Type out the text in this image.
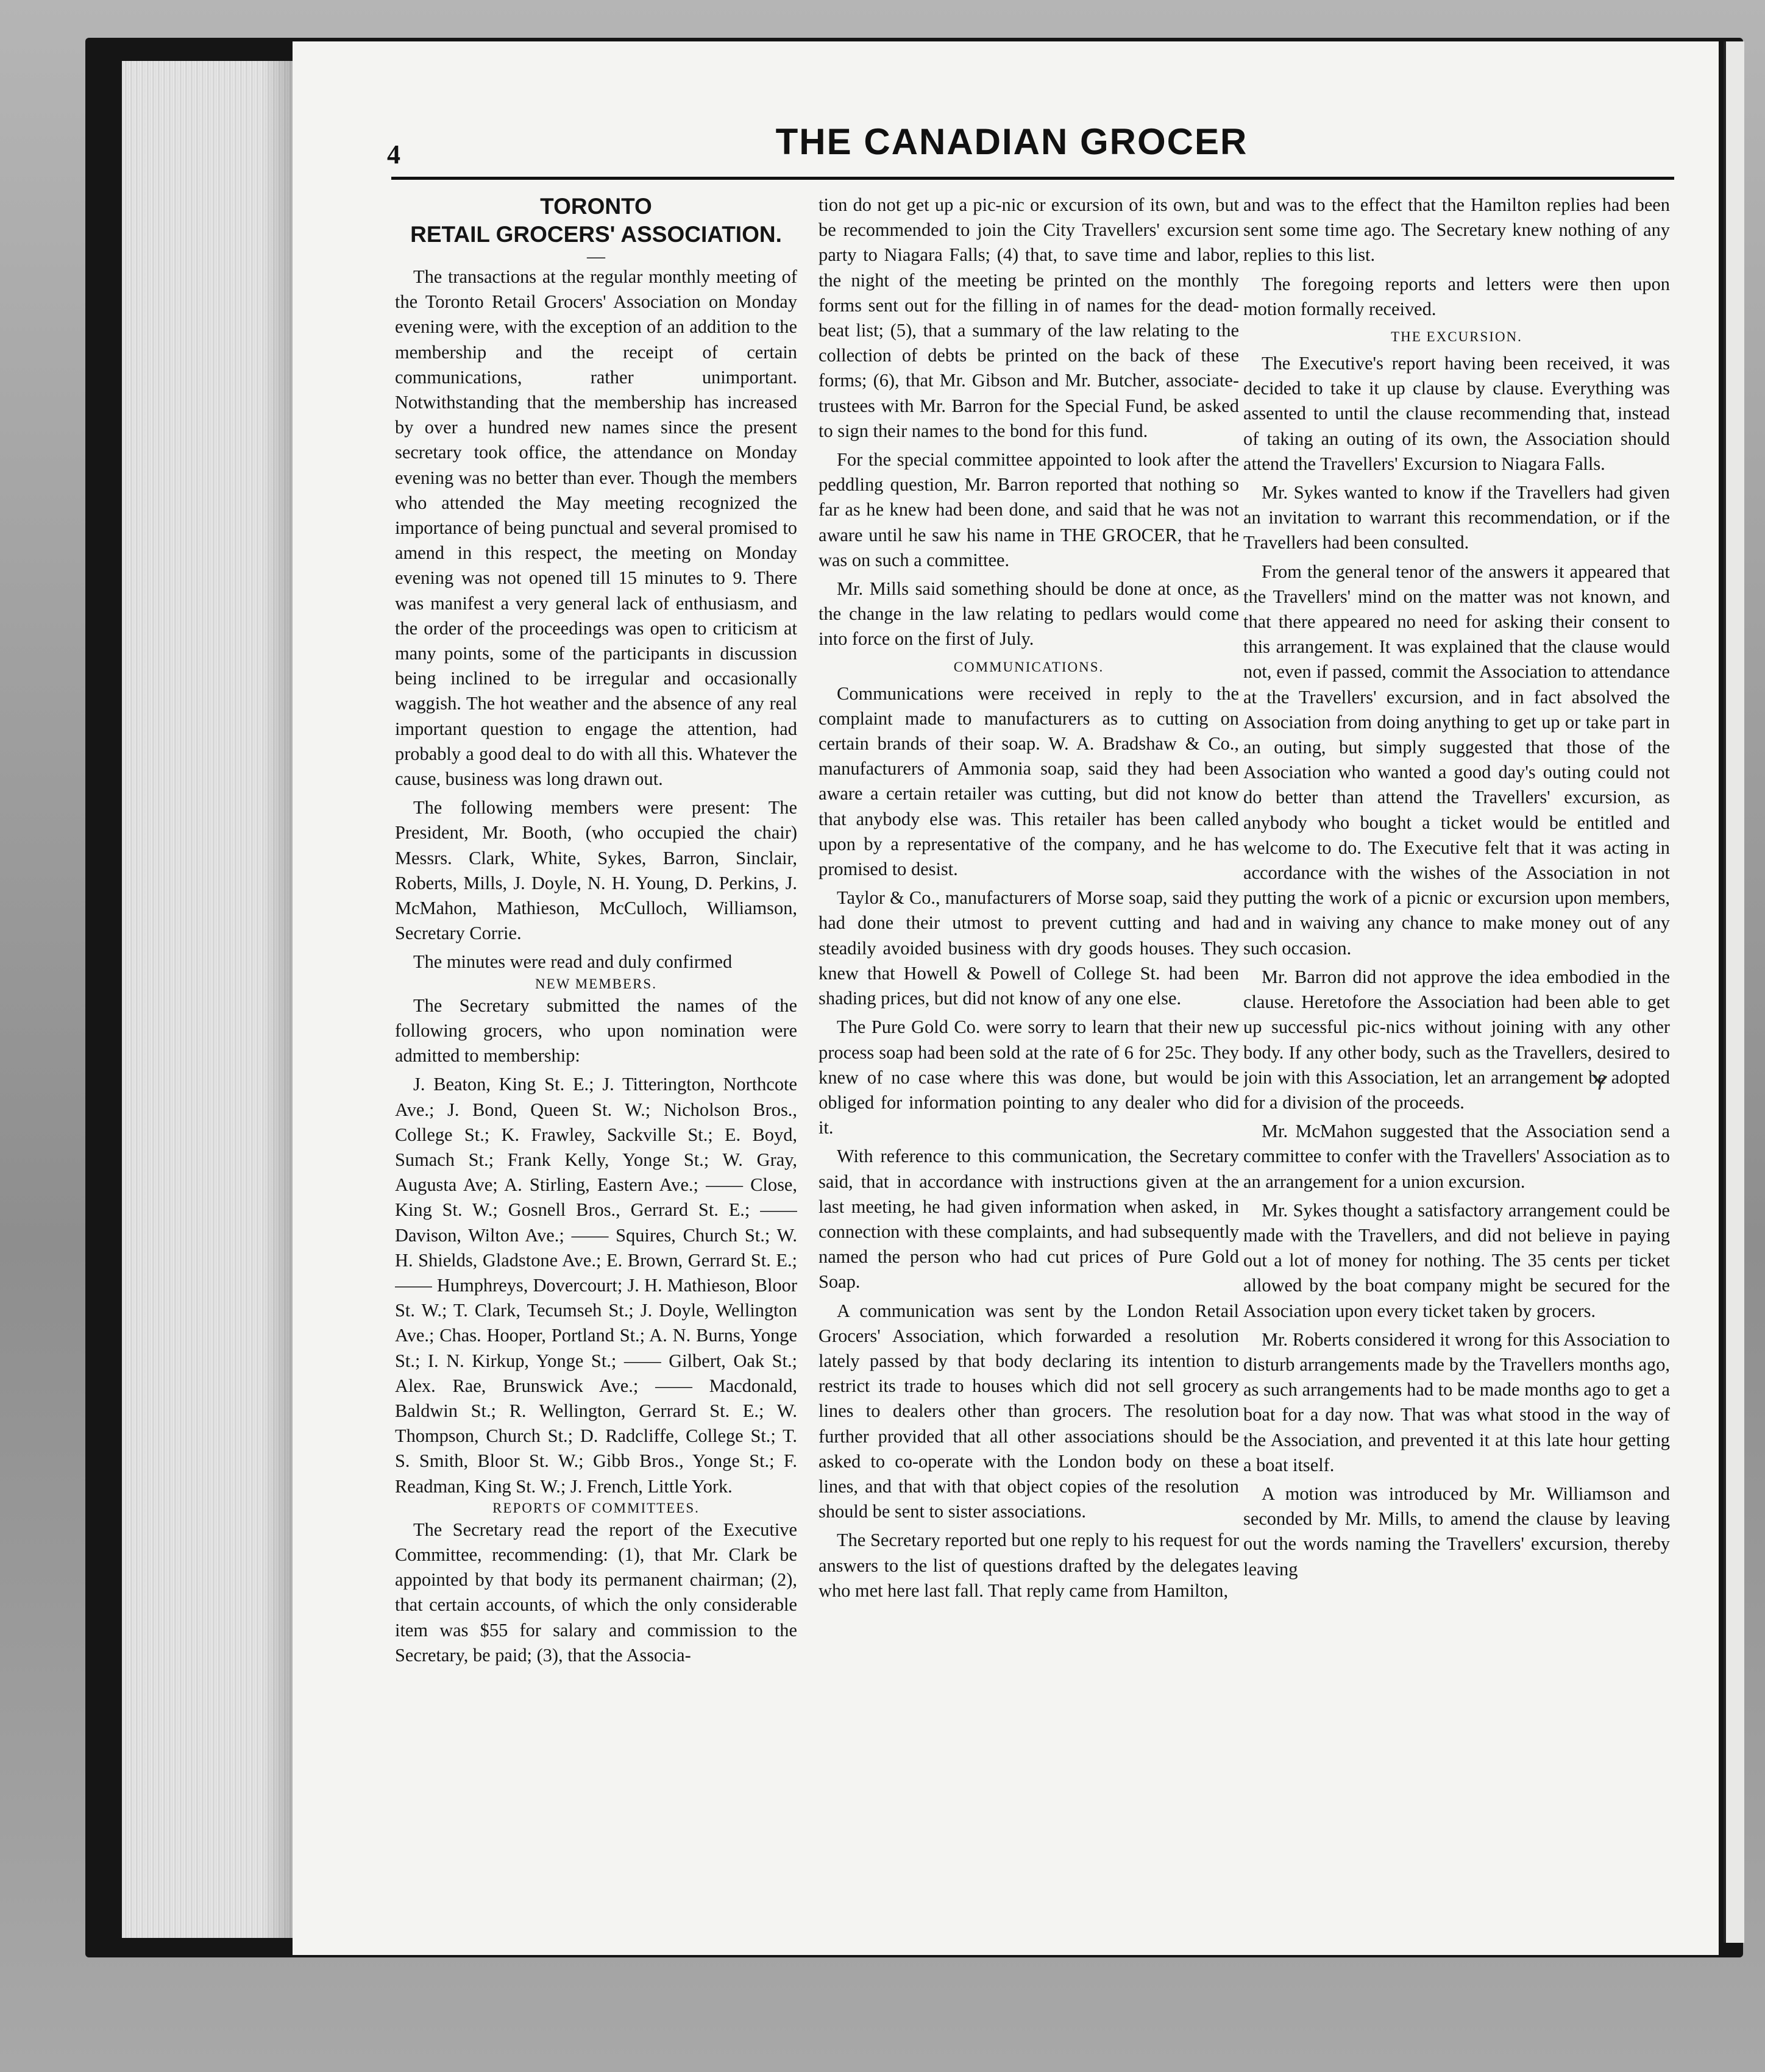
4	THE CANADIAN GROCER
TORONTO
RETAIL GROCERS' ASSOCIATION.
—

The transactions at the regular monthly meeting of the Toronto Retail Grocers' Association on Monday evening were, with the exception of an addition to the membership and the receipt of certain communications, rather unimportant. Notwithstanding that the membership has increased by over a hundred new names since the present secretary took office, the attendance on Monday evening was no better than ever. Though the members who attended the May meeting recognized the importance of being punctual and several promised to amend in this respect, the meeting on Monday evening was not opened till 15 minutes to 9. There was manifest a very general lack of enthusiasm, and the order of the proceedings was open to criticism at many points, some of the participants in discussion being inclined to be irregular and occasionally waggish. The hot weather and the absence of any real important question to engage the attention, had probably a good deal to do with all this. Whatever the cause, business was long drawn out.

The following members were present: The President, Mr. Booth, (who occupied the chair) Messrs. Clark, White, Sykes, Barron, Sinclair, Roberts, Mills, J. Doyle, N. H. Young, D. Perkins, J. McMahon, Mathieson, McCulloch, Williamson, Secretary Corrie.

The minutes were read and duly confirmed

NEW MEMBERS.

The Secretary submitted the names of the following grocers, who upon nomination were admitted to membership:

J. Beaton, King St. E.; J. Titterington, Northcote Ave.; J. Bond, Queen St. W.; Nicholson Bros., College St.; K. Frawley, Sackville St.; E. Boyd, Sumach St.; Frank Kelly, Yonge St.; W. Gray, Augusta Ave; A. Stirling, Eastern Ave.; —— Close, King St. W.; Gosnell Bros., Gerrard St. E.; —— Davison, Wilton Ave.; —— Squires, Church St.; W. H. Shields, Gladstone Ave.; E. Brown, Gerrard St. E.; —— Humphreys, Dovercourt; J. H. Mathieson, Bloor St. W.; T. Clark, Tecumseh St.; J. Doyle, Wellington Ave.; Chas. Hooper, Portland St.; A. N. Burns, Yonge St.; I. N. Kirkup, Yonge St.; —— Gilbert, Oak St.; Alex. Rae, Brunswick Ave.; —— Macdonald, Baldwin St.; R. Wellington, Gerrard St. E.; W. Thompson, Church St.; D. Radcliffe, College St.; T. S. Smith, Bloor St. W.; Gibb Bros., Yonge St.; F. Readman, King St. W.; J. French, Little York.

REPORTS OF COMMITTEES.

The Secretary read the report of the Executive Committee, recommending: (1), that Mr. Clark be appointed by that body its permanent chairman; (2), that certain accounts, of which the only considerable item was $55 for salary and commission to the Secretary, be paid; (3), that the Associa-

tion do not get up a pic-nic or excursion of its own, but be recommended to join the City Travellers' excursion party to Niagara Falls; (4) that, to save time and labor, the night of the meeting be printed on the monthly forms sent out for the filling in of names for the dead-beat list; (5), that a summary of the law relating to the collection of debts be printed on the back of these forms; (6), that Mr. Gibson and Mr. Butcher, associate-trustees with Mr. Barron for the Special Fund, be asked to sign their names to the bond for this fund.

For the special committee appointed to look after the peddling question, Mr. Barron reported that nothing so far as he knew had been done, and said that he was not aware until he saw his name in THE GROCER, that he was on such a committee.

Mr. Mills said something should be done at once, as the change in the law relating to pedlars would come into force on the first of July.

COMMUNICATIONS.

Communications were received in reply to the complaint made to manufacturers as to cutting on certain brands of their soap. W. A. Bradshaw & Co., manufacturers of Ammonia soap, said they had been aware a certain retailer was cutting, but did not know that anybody else was. This retailer has been called upon by a representative of the company, and he has promised to desist.

Taylor & Co., manufacturers of Morse soap, said they had done their utmost to prevent cutting and had steadily avoided business with dry goods houses. They knew that Howell & Powell of College St. had been shading prices, but did not know of any one else.

The Pure Gold Co. were sorry to learn that their new process soap had been sold at the rate of 6 for 25c. They knew of no case where this was done, but would be obliged for information pointing to any dealer who did it.

With reference to this communication, the Secretary said, that in accordance with instructions given at the last meeting, he had given information when asked, in connection with these complaints, and had subsequently named the person who had cut prices of Pure Gold Soap.

A communication was sent by the London Retail Grocers' Association, which forwarded a resolution lately passed by that body declaring its intention to restrict its trade to houses which did not sell grocery lines to dealers other than grocers. The resolution further provided that all other associations should be asked to co-operate with the London body on these lines, and that with that object copies of the resolution should be sent to sister associations.

The Secretary reported but one reply to his request for answers to the list of questions drafted by the delegates who met here last fall. That reply came from Hamilton,

and was to the effect that the Hamilton replies had been sent some time ago. The Secretary knew nothing of any replies to this list.

The foregoing reports and letters were then upon motion formally received.

THE EXCURSION.

The Executive's report having been received, it was decided to take it up clause by clause. Everything was assented to until the clause recommending that, instead of taking an outing of its own, the Association should attend the Travellers' Excursion to Niagara Falls.

Mr. Sykes wanted to know if the Travellers had given an invitation to warrant this recommendation, or if the Travellers had been consulted.

From the general tenor of the answers it appeared that the Travellers' mind on the matter was not known, and that there appeared no need for asking their consent to this arrangement. It was explained that the clause would not, even if passed, commit the Association to attendance at the Travellers' excursion, and in fact absolved the Association from doing anything to get up or take part in an outing, but simply suggested that those of the Association who wanted a good day's outing could not do better than attend the Travellers' excursion, as anybody who bought a ticket would be entitled and welcome to do. The Executive felt that it was acting in accordance with the wishes of the Association in not putting the work of a picnic or excursion upon members, and in waiving any chance to make money out of any such occasion.

Mr. Barron did not approve the idea embodied in the clause. Heretofore the Association had been able to get up successful pic-nics without joining with any other body. If any other body, such as the Travellers, desired to join with this Association, let an arrangement be adopted for a division of the proceeds.

Mr. McMahon suggested that the Association send a committee to confer with the Travellers' Association as to an arrangement for a union excursion.

Mr. Sykes thought a satisfactory arrangement could be made with the Travellers, and did not believe in paying out a lot of money for nothing. The 35 cents per ticket allowed by the boat company might be secured for the Association upon every ticket taken by grocers.

Mr. Roberts considered it wrong for this Association to disturb arrangements made by the Travellers months ago, as such arrangements had to be made months ago to get a boat for a day now. That was what stood in the way of the Association, and prevented it at this late hour getting a boat itself.

A motion was introduced by Mr. Williamson and seconded by Mr. Mills, to amend the clause by leaving out the words naming the Travellers' excursion, thereby leaving
